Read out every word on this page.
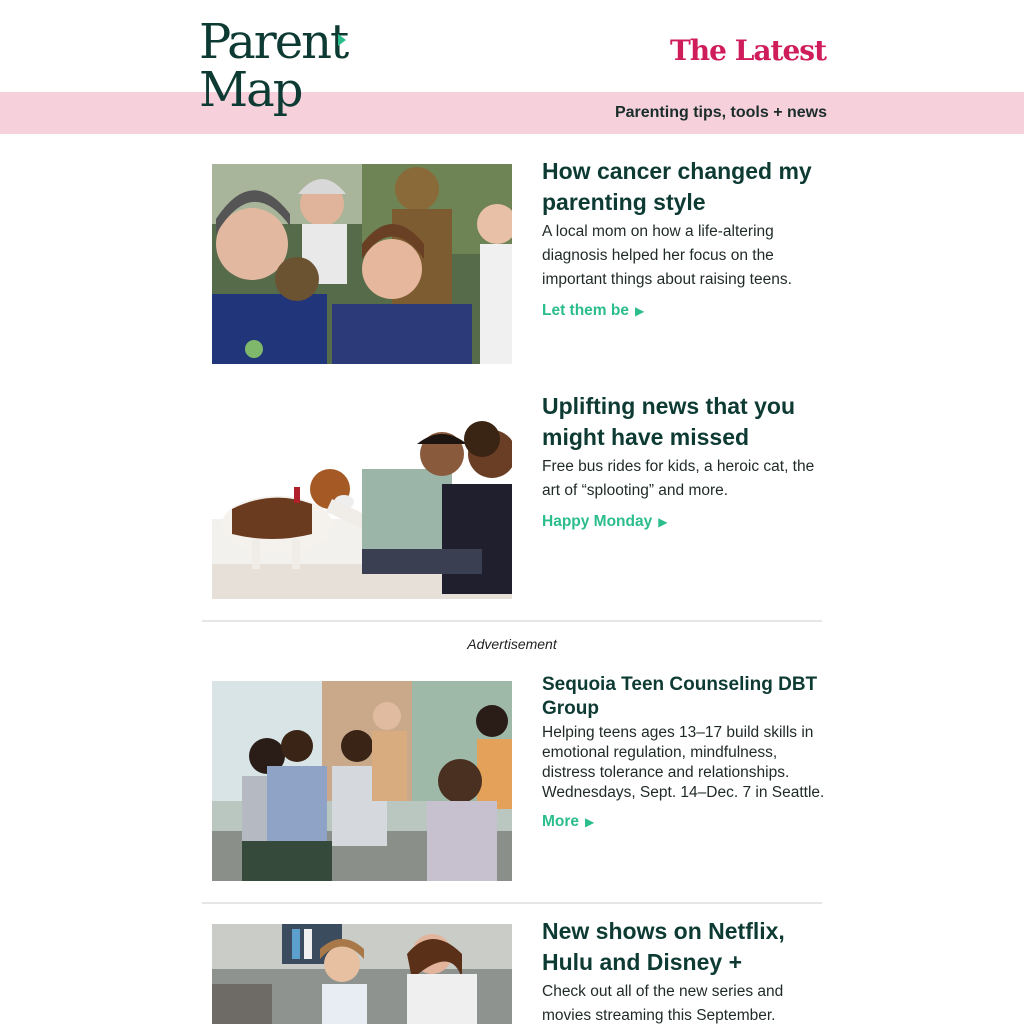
Parent
Map
The Latest
Parenting tips, tools + news
How cancer changed my parenting style

A local mom on how a life-altering diagnosis helped her focus on the important things about raising teens.

Let them be ▶
Uplifting news that you might have missed

Free bus rides for kids, a heroic cat, the art of “splooting” and more.

Happy Monday ▶
Advertisement
Sequoia Teen Counseling DBT Group

Helping teens ages 13–17 build skills in emotional regulation, mindfulness, distress tolerance and relationships. Wednesdays, Sept. 14–Dec. 7 in Seattle.

More ▶
New shows on Netflix, Hulu and Disney +

Check out all of the new series and movies streaming this September.
